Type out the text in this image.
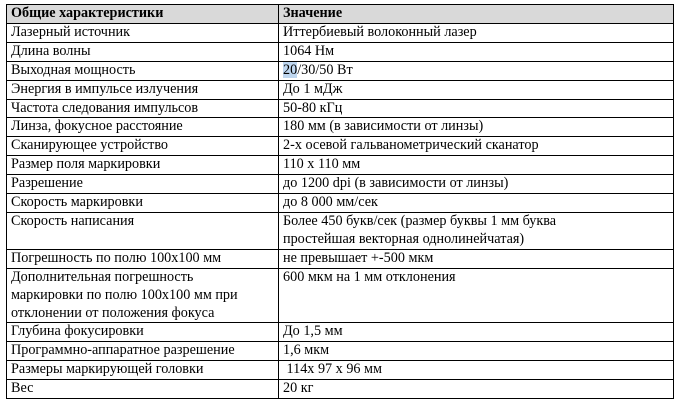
Общие характеристики	Значение
Лазерный источник	Иттербиевый волоконный лазер
Длина волны	1064 Нм
Выходная мощность	20/30/50 Вт
Энергия в импульсе излучения	До 1 мДж
Частота следования импульсов	50-80 кГц
Линза, фокусное расстояние	180 мм (в зависимости от линзы)
Сканирующее устройство	2-х осевой гальванометрический сканатор
Размер поля маркировки	110 х 110 мм
Разрешение	до 1200 dpi (в зависимости от линзы)
Скорость маркировки	до 8 000 мм/сек
Скорость написания	Более 450 букв/сек (размер буквы 1 мм буква
простейшая векторная однолинейчатая)
Погрешность по полю 100х100 мм	не превышает +-500 мкм
Дополнительная погрешность
маркировки по полю 100х100 мм при
отклонении от положения фокуса	600 мкм на 1 мм отклонения
Глубина фокусировки	До 1,5 мм
Программно-аппаратное разрешение	1,6 мкм
Размеры маркирующей головки	114х 97 х 96 мм
Вес	20 кг
